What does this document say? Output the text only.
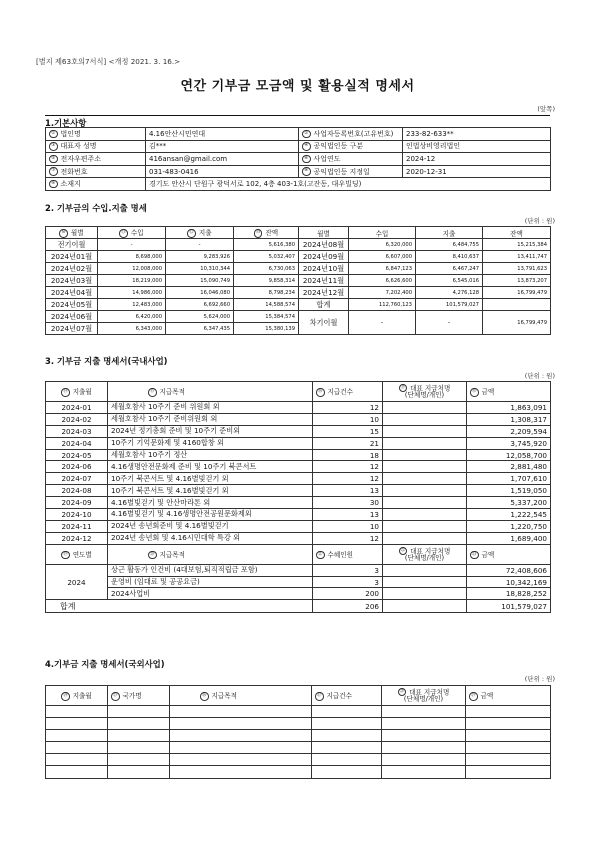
[별지 제63호의7서식] <개정 2021. 3. 16.>
연간 기부금 모금액 및 활용실적 명세서
(앞쪽)
1.기본사항
① 법인명	4.16안산시민연대	② 사업자등록번호(고유번호)	233-82-633**
③ 대표자 성명	김***	④ 공익법인등 구분	인법상비영리법인
⑤ 전자우편주소	416ansan@gmail.com	⑥ 사업연도	2024-12
⑦ 전화번호	031-483-0416	⑧ 공익법인등 지정일	2020-12-31
⑨ 소재지	경기도 안산시 단원구 광덕서로 102, 4층 403-1호(고잔동, 대우빌딩)		
2. 기부금의 수입.지출 명세
(단위 : 원)
⑩ 월별	⑪ 수입	⑫ 지출	⑬ 잔액	월별	수입	지출	잔액
전기이월	-	-	5,616,380	2024년08월	6,320,000	6,484,755	15,215,384
2024년01월	8,698,000	9,283,926	5,032,407	2024년09월	6,607,000	8,410,637	13,411,747
2024년02월	12,008,000	10,310,344	6,730,063	2024년10월	6,847,123	6,467,247	13,791,623
2024년03월	18,219,000	15,090,749	9,858,314	2024년11월	6,626,600	6,545,016	13,873,207
2024년04월	14,986,000	16,046,080	8,798,234	2024년12월	7,202,400	4,276,128	16,799,479
2024년05월	12,483,000	6,692,660	14,588,574	합계	112,760,123	101,579,027	
2024년06월	6,420,000	5,624,000	15,384,574	차기이월	-	-	16,799,479
2024년07월	6,343,000	6,347,435	15,380,139				
3. 기부금 지출 명세서(국내사업)
(단위 : 원)
⑭ 지출월	⑮ 지급목적	⑯ 지급건수	⑰ 대표 지급처명
(단체명/개인)	⑱ 금액
2024-01	세월호참사 10주기 준비 위원회 외	12		1,863,091
2024-02	세월호참사 10주기 준비위원회 외	10		1,308,317
2024-03	2024년 정기총회 준비 및 10주기 준비외	15		2,209,594
2024-04	10주기 기억문화제 및 4160합창 외	21		3,745,920
2024-05	세월호참사 10주기 정산	18		12,058,700
2024-06	4.16생명안전문화제 준비 및 10주기 북콘서트	12		2,881,480
2024-07	10주기 북콘서트 및 4.16별빛걷기 외	12		1,707,610
2024-08	10주기 북콘서트 및 4.16별빛걷기 외	13		1,519,050
2024-09	4.16별빛걷기 및 안산마라톤 외	30		5,337,200
2024-10	4.16별빛걷기 및 4.16생명안전공원문화제외	13		1,222,545
2024-11	2024년 송년회준비 및 4.16별빛걷기	10		1,220,750
2024-12	2024년 송년회 및 4.16시민대학 특강 외	12		1,689,400
⑲ 연도별	⑳ 지급목적	㉑ 수혜인원	㉒ 대표 지급처명
(단체명/개인)	㉓ 금액
2024	상근 활동가 인건비 (4대보험,퇴직적립금 포함)	3		72,408,606
	운영비 (임대료 및 공공요금)	3		10,342,169
	2024사업비	200		18,828,252
합계		206		101,579,027
4.기부금 지출 명세서(국외사업)
(단위 : 원)
㉔ 지출월	㉕ 국가명	㉖ 지급목적	㉗ 지급건수	㉘ 대표 지급처명
(단체명/개인)	㉙ 금액
